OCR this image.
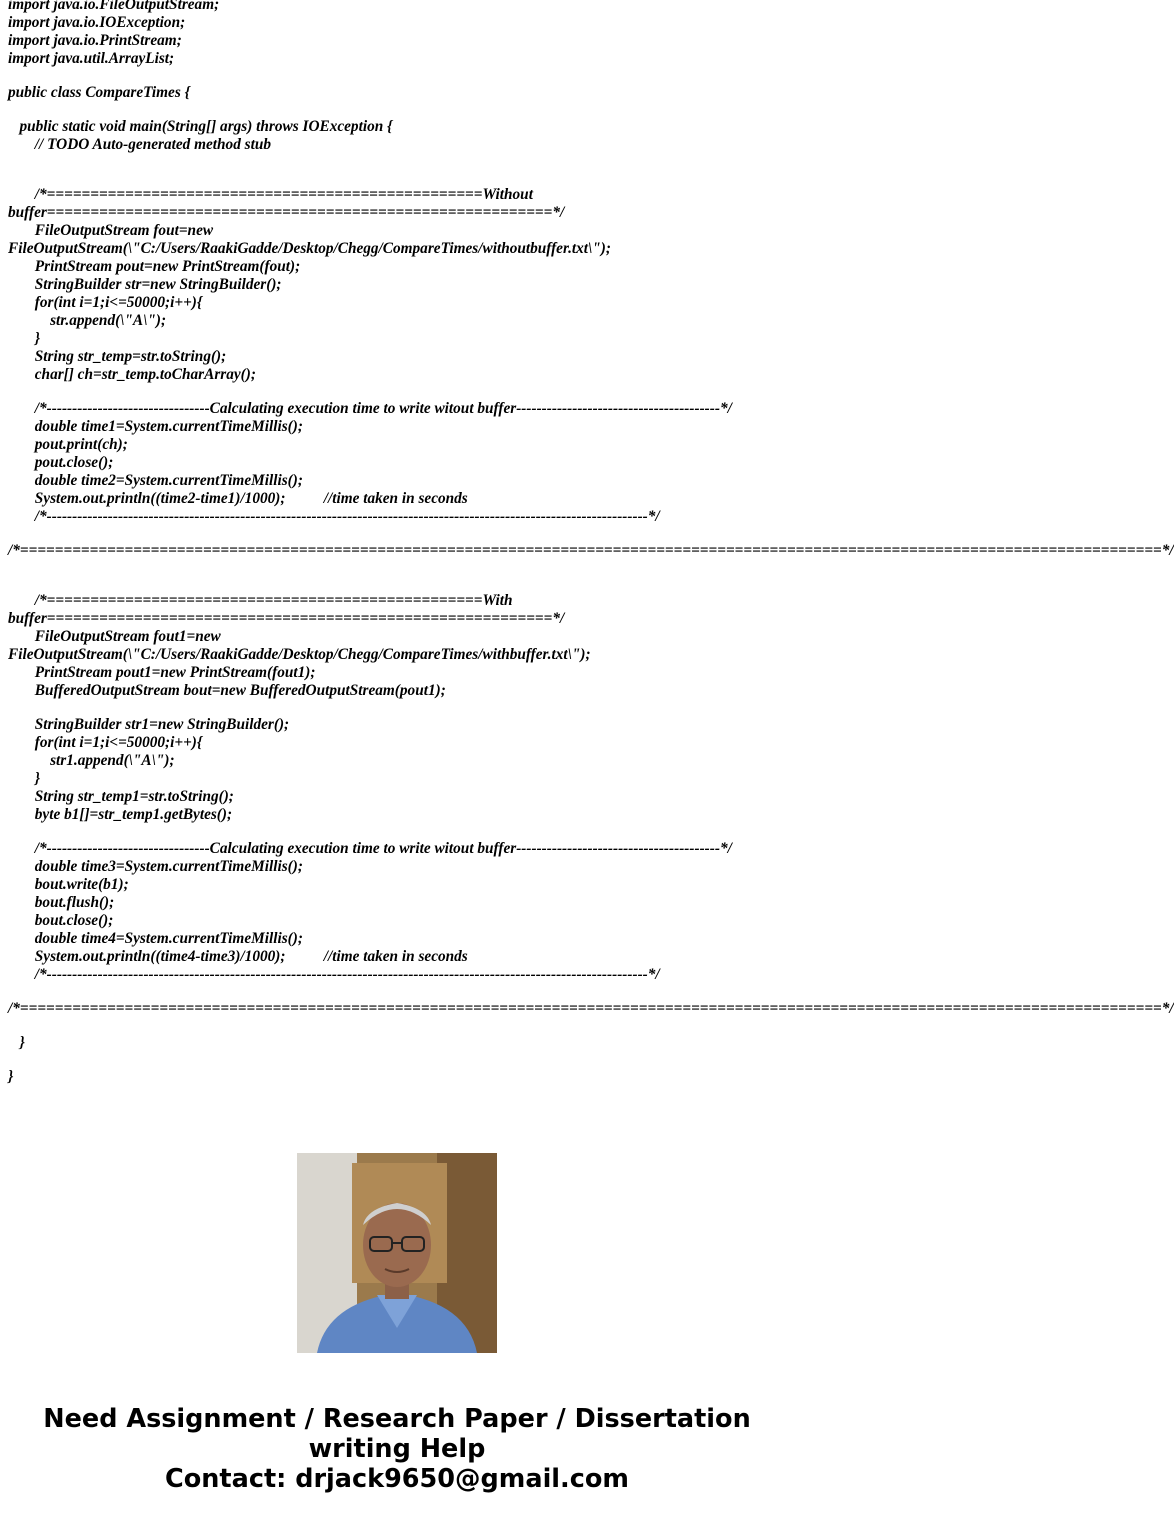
import java.io.FileOutputStream;
import java.io.IOException;
import java.io.PrintStream;
import java.util.ArrayList;
public class CompareTimes {
public static void main(String[] args) throws IOException {
// TODO Auto-generated method stub
/*==================================================Without
buffer==========================================================*/
FileOutputStream fout=new
FileOutputStream(\"C:/Users/RaakiGadde/Desktop/Chegg/CompareTimes/withoutbuffer.txt\");
PrintStream pout=new PrintStream(fout);
StringBuilder str=new StringBuilder();
for(int i=1;i<=50000;i++){
str.append(\"A\");
}
String str_temp=str.toString();
char[] ch=str_temp.toCharArray();
/*--------------------------------Calculating execution time to write witout buffer----------------------------------------*/
double time1=System.currentTimeMillis();
pout.print(ch);
pout.close();
double time2=System.currentTimeMillis();
System.out.println((time2-time1)/1000);          //time taken in seconds
/*----------------------------------------------------------------------------------------------------------------------*/
/*===================================================================================================================================*/
/*==================================================With
buffer==========================================================*/
FileOutputStream fout1=new
FileOutputStream(\"C:/Users/RaakiGadde/Desktop/Chegg/CompareTimes/withbuffer.txt\");
PrintStream pout1=new PrintStream(fout1);
BufferedOutputStream bout=new BufferedOutputStream(pout1);
StringBuilder str1=new StringBuilder();
for(int i=1;i<=50000;i++){
str1.append(\"A\");
}
String str_temp1=str.toString();
byte b1[]=str_temp1.getBytes();
/*--------------------------------Calculating execution time to write witout buffer----------------------------------------*/
double time3=System.currentTimeMillis();
bout.write(b1);
bout.flush();
bout.close();
double time4=System.currentTimeMillis();
System.out.println((time4-time3)/1000);          //time taken in seconds
/*----------------------------------------------------------------------------------------------------------------------*/
/*===================================================================================================================================*/
}
}
Need Assignment / Research Paper / Dissertation
writing Help
Contact: drjack9650@gmail.com
